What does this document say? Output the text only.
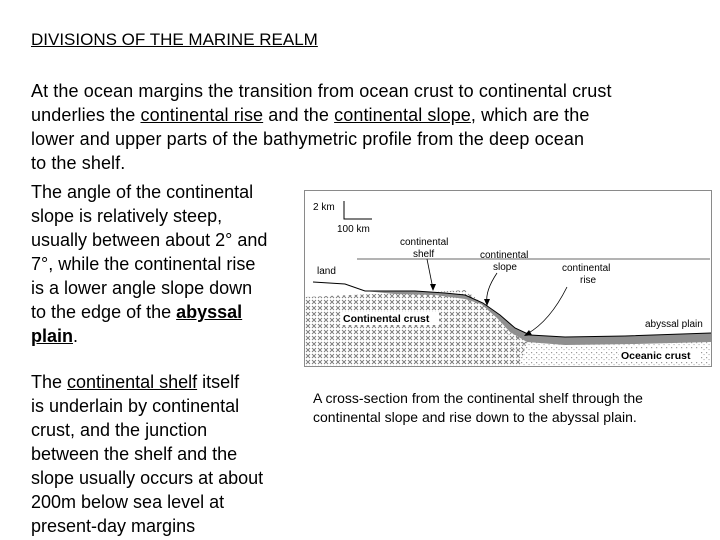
DIVISIONS OF THE MARINE REALM
At the ocean margins the transition from ocean crust to continental crust
underlies the continental rise and the continental slope, which are the
lower and upper parts of the bathymetric profile from the deep ocean
to the shelf.
The angle of the continental
slope is relatively steep,
usually between about 2° and
7°, while the continental rise
is a lower angle slope down
to the edge of the abyssal
plain.
The continental shelf itself
is underlain by continental
crust, and the junction
between the shelf and the
slope usually occurs at about
200m below sea level at
present-day margins
2 km
100 km
continental
shelf	continental
slope	continental
rise
land
Continental crust	abyssal plain
Oceanic crust
A cross-section from the continental shelf through the
continental slope and rise down to the abyssal plain.
